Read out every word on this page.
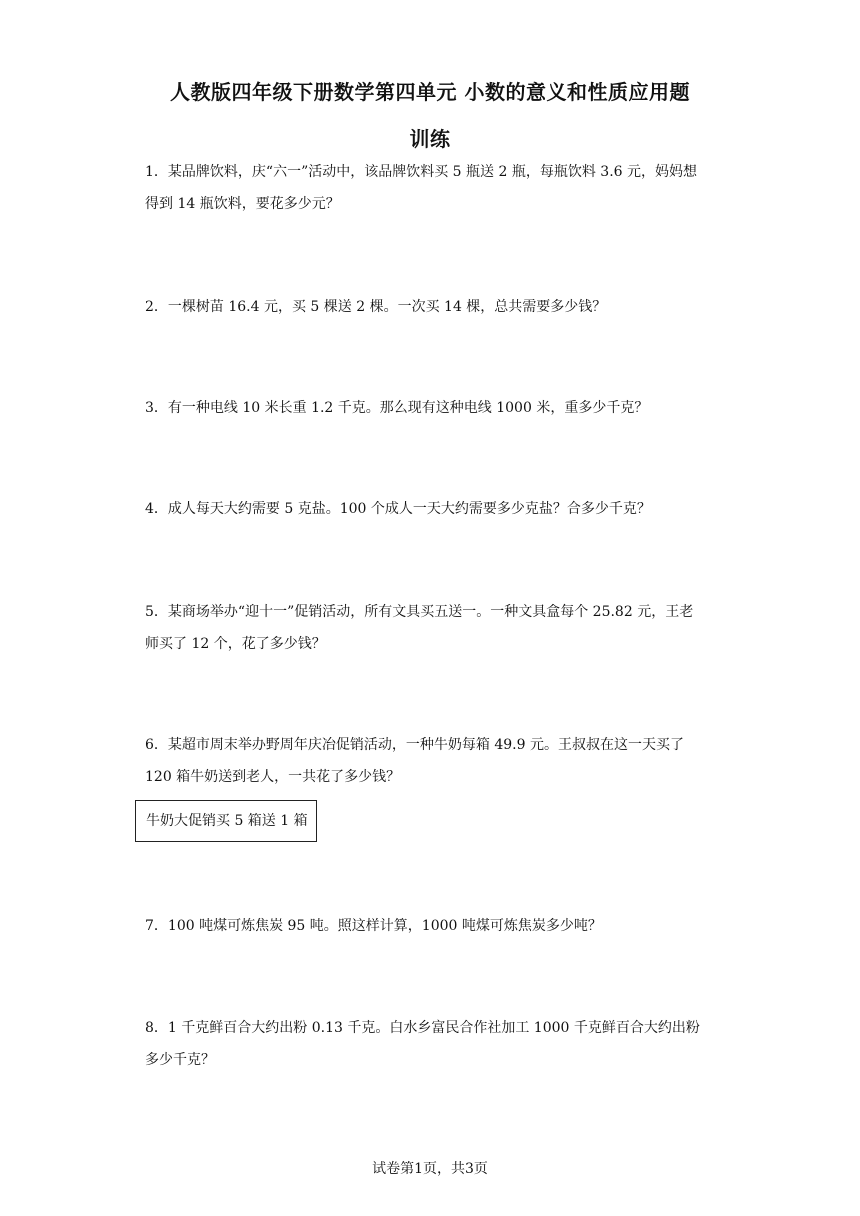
人教版四年级下册数学第四单元 小数的意义和性质应用题
训练
1．某品牌饮料，庆“六一”活动中，该品牌饮料买 5 瓶送 2 瓶，每瓶饮料 3.6 元，妈妈想
得到 14 瓶饮料，要花多少元？
2．一棵树苗 16.4 元，买 5 棵送 2 棵。一次买 14 棵，总共需要多少钱？
3．有一种电线 10 米长重 1.2 千克。那么现有这种电线 1000 米，重多少千克？
4．成人每天大约需要 5 克盐。100 个成人一天大约需要多少克盐？合多少千克？
5．某商场举办“迎十一”促销活动，所有文具买五送一。一种文具盒每个 25.82 元，王老
师买了 12 个，花了多少钱？
6．某超市周末举办野周年庆冶促销活动，一种牛奶每箱 49.9 元。王叔叔在这一天买了
120 箱牛奶送到老人，一共花了多少钱？
牛奶大促销买 5 箱送 1 箱
7．100 吨煤可炼焦炭 95 吨。照这样计算，1000 吨煤可炼焦炭多少吨？
8．1 千克鲜百合大约出粉 0.13 千克。白水乡富民合作社加工 1000 千克鲜百合大约出粉
多少千克？
试卷第1页，共3页
